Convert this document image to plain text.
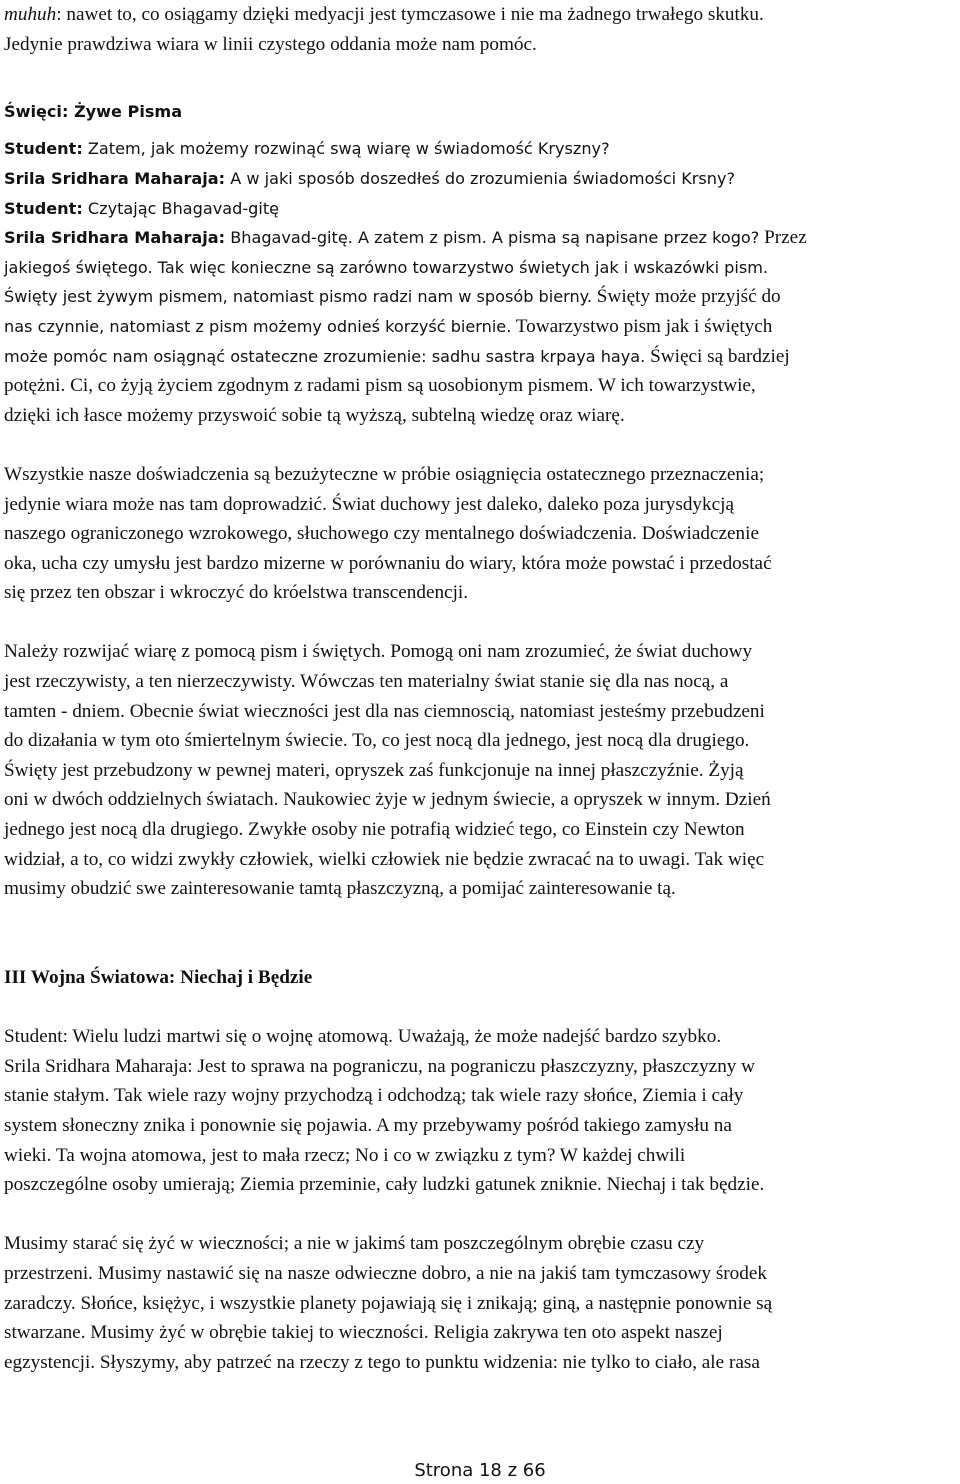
muhuh: nawet to, co osiągamy dzięki medyacji jest tymczasowe i nie ma żadnego trwałego skutku.

Jedynie prawdziwa wiara w linii czystego oddania może nam pomóc.

Święci: Żywe Pisma

Student: Zatem, jak możemy rozwinąć swą wiarę w świadomość Kryszny?

Srila Sridhara Maharaja: A w jaki sposób doszedłeś do zrozumienia świadomości Krsny?

Student: Czytając Bhagavad-gitę

Srila Sridhara Maharaja: Bhagavad-gitę. A zatem z pism. A pisma są napisane przez kogo? Przez

jakiegoś świętego. Tak więc konieczne są zarówno towarzystwo świetych jak i wskazówki pism.

Święty jest żywym pismem, natomiast pismo radzi nam w sposób bierny. Święty może przyjść do

nas czynnie, natomiast z pism możemy odnieś korzyść biernie. Towarzystwo pism jak i świętych

może pomóc nam osiągnąć ostateczne zrozumienie: sadhu sastra krpaya haya. Święci są bardziej

potężni. Ci, co żyją życiem zgodnym z radami pism są uosobionym pismem. W ich towarzystwie,

dzięki ich łasce możemy przyswoić sobie tą wyższą, subtelną wiedzę oraz wiarę.

Wszystkie nasze doświadczenia są bezużyteczne w próbie osiągnięcia ostatecznego przeznaczenia;

jedynie wiara może nas tam doprowadzić. Świat duchowy jest daleko, daleko poza jurysdykcją

naszego ograniczonego wzrokowego, słuchowego czy mentalnego doświadczenia. Doświadczenie

oka, ucha czy umysłu jest bardzo mizerne w porównaniu do wiary, która może powstać i przedostać

się przez ten obszar i wkroczyć do króelstwa transcendencji.

Należy rozwijać wiarę z pomocą pism i świętych. Pomogą oni nam zrozumieć, że świat duchowy

jest rzeczywisty, a ten nierzeczywisty. Wówczas ten materialny świat stanie się dla nas nocą, a

tamten - dniem. Obecnie świat wieczności jest dla nas ciemnoscią, natomiast jesteśmy przebudzeni

do dizałania w tym oto śmiertelnym świecie. To, co jest nocą dla jednego, jest nocą dla drugiego.

Święty jest przebudzony w pewnej materi, opryszek zaś funkcjonuje na innej płaszczyźnie. Żyją

oni w dwóch oddzielnych światach. Naukowiec żyje w jednym świecie, a opryszek w innym. Dzień

jednego jest nocą dla drugiego. Zwykłe osoby nie potrafią widzieć tego, co Einstein czy Newton

widział, a to, co widzi zwykły człowiek, wielki człowiek nie będzie zwracać na to uwagi. Tak więc

musimy obudzić swe zainteresowanie tamtą płaszczyzną, a pomijać zainteresowanie tą.

III Wojna Światowa: Niechaj i Będzie

Student: Wielu ludzi martwi się o wojnę atomową. Uważają, że może nadejść bardzo szybko.

Srila Sridhara Maharaja: Jest to sprawa na pograniczu, na pograniczu płaszczyzny, płaszczyzny w

stanie stałym. Tak wiele razy wojny przychodzą i odchodzą; tak wiele razy słońce, Ziemia i cały

system słoneczny znika i ponownie się pojawia. A my przebywamy pośród takiego zamysłu na

wieki. Ta wojna atomowa, jest to mała rzecz; No i co w związku z tym? W każdej chwili

poszczególne osoby umierają; Ziemia przeminie, cały ludzki gatunek zniknie. Niechaj i tak będzie.

Musimy starać się żyć w wieczności; a nie w jakimś tam poszczególnym obrębie czasu czy

przestrzeni. Musimy nastawić się na nasze odwieczne dobro, a nie na jakiś tam tymczasowy środek

zaradczy. Słońce, księżyc, i wszystkie planety pojawiają się i znikają; giną, a następnie ponownie są

stwarzane. Musimy żyć w obrębie takiej to wieczności. Religia zakrywa ten oto aspekt naszej

egzystencji. Słyszymy, aby patrzeć na rzeczy z tego to punktu widzenia: nie tylko to ciało, ale rasa

Strona 18 z 66
